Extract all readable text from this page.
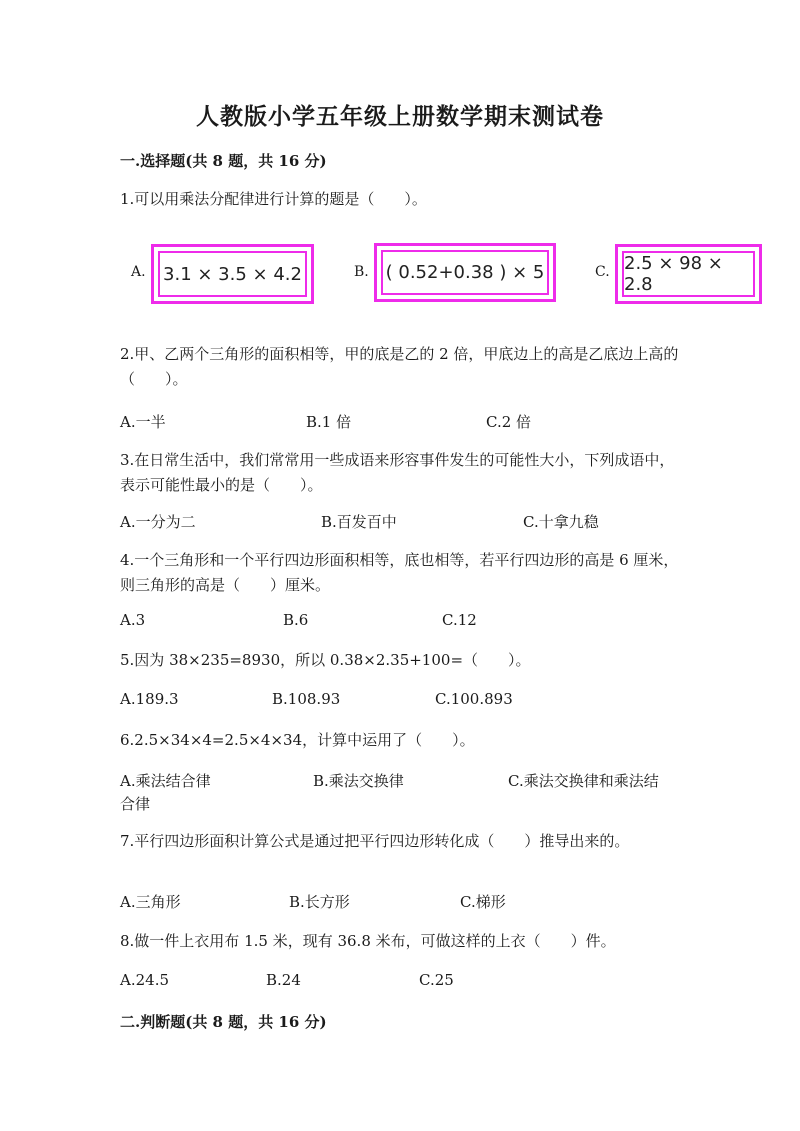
人教版小学五年级上册数学期末测试卷
一.选择题(共 8 题，共 16 分)
1.可以用乘法分配律进行计算的题是（　　）。
A. 3.1 × 3.5 × 4.2	B. ( 0.52+0.38 ) × 5	C. 2.5 × 98 × 2.8
2.甲、乙两个三角形的面积相等，甲的底是乙的 2 倍，甲底边上的高是乙底边上高的（　　）。
A.一半	B.1 倍	C.2 倍
3.在日常生活中，我们常常用一些成语来形容事件发生的可能性大小，下列成语中，表示可能性最小的是（　　）。
A.一分为二	B.百发百中	C.十拿九稳
4.一个三角形和一个平行四边形面积相等，底也相等，若平行四边形的高是 6 厘米，则三角形的高是（　　）厘米。
A.3	B.6	C.12
5.因为 38×235=8930，所以 0.38×2.35+100=（　　）。
A.189.3	B.108.93	C.100.893
6.2.5×34×4=2.5×4×34，计算中运用了（　　）。
A.乘法结合律	B.乘法交换律	C.乘法交换律和乘法结
合律
7.平行四边形面积计算公式是通过把平行四边形转化成（　　）推导出来的。
A.三角形	B.长方形	C.梯形
8.做一件上衣用布 1.5 米，现有 36.8 米布，可做这样的上衣（　　）件。
A.24.5	B.24	C.25
二.判断题(共 8 题，共 16 分)
